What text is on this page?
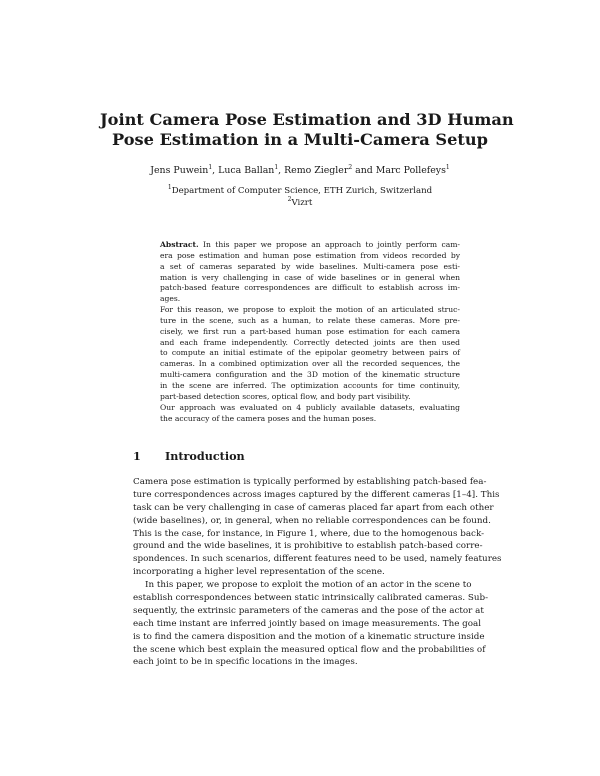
Joint Camera Pose Estimation and 3D Human
Pose Estimation in a Multi-Camera Setup
Jens Puwein$^1$, Luca Ballan$^1$, Remo Ziegler$^2$ and Marc Pollefeys$^1$
$^1$Department of Computer Science, ETH Zurich, Switzerland
$^2$Vizrt
Abstract. In this paper we propose an approach to jointly perform cam-
era pose estimation and human pose estimation from videos recorded by
a set of cameras separated by wide baselines. Multi-camera pose esti-
mation is very challenging in case of wide baselines or in general when
patch-based feature correspondences are difficult to establish across im-
ages.
For this reason, we propose to exploit the motion of an articulated struc-
ture in the scene, such as a human, to relate these cameras. More pre-
cisely, we first run a part-based human pose estimation for each camera
and each frame independently. Correctly detected joints are then used
to compute an initial estimate of the epipolar geometry between pairs of
cameras. In a combined optimization over all the recorded sequences, the
multi-camera configuration and the 3D motion of the kinematic structure
in the scene are inferred. The optimization accounts for time continuity,
part-based detection scores, optical flow, and body part visibility.
Our approach was evaluated on 4 publicly available datasets, evaluating
the accuracy of the camera poses and the human poses.
1 Introduction
Camera pose estimation is typically performed by establishing patch-based fea-
ture correspondences across images captured by the different cameras [1–4]. This
task can be very challenging in case of cameras placed far apart from each other
(wide baselines), or, in general, when no reliable correspondences can be found.
This is the case, for instance, in Figure 1, where, due to the homogenous back-
ground and the wide baselines, it is prohibitive to establish patch-based corre-
spondences. In such scenarios, different features need to be used, namely features
incorporating a higher level representation of the scene.
In this paper, we propose to exploit the motion of an actor in the scene to
establish correspondences between static intrinsically calibrated cameras. Sub-
sequently, the extrinsic parameters of the cameras and the pose of the actor at
each time instant are inferred jointly based on image measurements. The goal
is to find the camera disposition and the motion of a kinematic structure inside
the scene which best explain the measured optical flow and the probabilities of
each joint to be in specific locations in the images.
